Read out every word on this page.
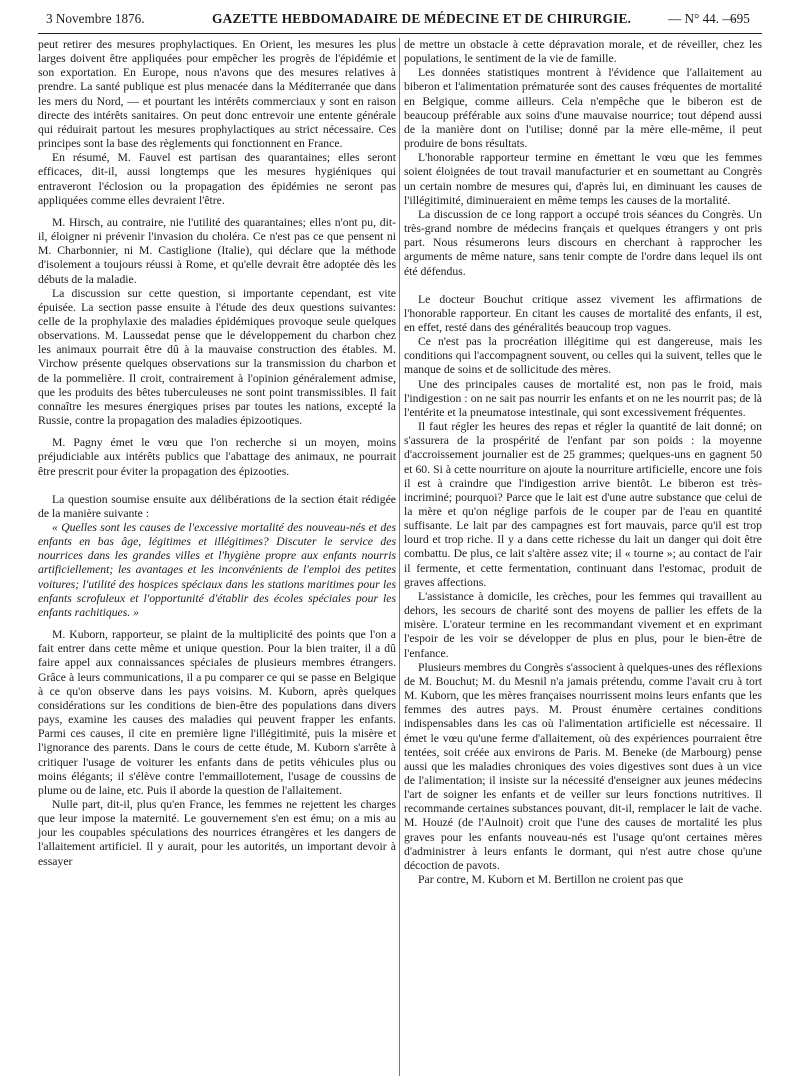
3 Novembre 1876.	GAZETTE HEBDOMADAIRE DE MÉDECINE ET DE CHIRURGIE.	— N° 44. —
695

peut retirer des mesures prophylactiques. En Orient, les mesures les plus larges doivent être appliquées pour empêcher les progrès de l'épidémie et son exportation. En Europe, nous n'avons que des mesures relatives à prendre. La santé publique est plus menacée dans la Méditerranée que dans les mers du Nord, — et pourtant les intérêts commerciaux y sont en raison directe des intérêts sanitaires. On peut donc entrevoir une entente générale qui réduirait partout les mesures prophylactiques au strict nécessaire. Ces principes sont la base des règlements qui fonctionnent en France.

En résumé, M. Fauvel est partisan des quarantaines; elles seront efficaces, dit-il, aussi longtemps que les mesures hygiéniques qui entraveront l'éclosion ou la propagation des épidémies ne seront pas appliquées comme elles devraient l'être.

M. Hirsch, au contraire, nie l'utilité des quarantaines; elles n'ont pu, dit-il, éloigner ni prévenir l'invasion du choléra. Ce n'est pas ce que pensent ni M. Charbonnier, ni M. Castiglione (Italie), qui déclare que la méthode d'isolement a toujours réussi à Rome, et qu'elle devrait être adoptée dès les débuts de la maladie.

La discussion sur cette question, si importante cependant, est vite épuisée. La section passe ensuite à l'étude des deux questions suivantes: celle de la prophylaxie des maladies épidémiques provoque seule quelques observations. M. Laussedat pense que le développement du charbon chez les animaux pourrait être dû à la mauvaise construction des étables. M. Virchow présente quelques observations sur la transmission du charbon et de la pommelière. Il croit, contrairement à l'opinion généralement admise, que les produits des bêtes tuberculeuses ne sont point transmissibles. Il fait connaître les mesures énergiques prises par toutes les nations, excepté la Russie, contre la propagation des maladies épizootiques.

M. Pagny émet le vœu que l'on recherche si un moyen, moins préjudiciable aux intérêts publics que l'abattage des animaux, ne pourrait être prescrit pour éviter la propagation des épizooties.

La question soumise ensuite aux délibérations de la section était rédigée de la manière suivante :

« Quelles sont les causes de l'excessive mortalité des nouveau-nés et des enfants en bas âge, légitimes et illégitimes? Discuter le service des nourrices dans les grandes villes et l'hygiène propre aux enfants nourris artificiellement; les avantages et les inconvénients de l'emploi des petites voitures; l'utilité des hospices spéciaux dans les stations maritimes pour les enfants scrofuleux et l'opportunité d'établir des écoles spéciales pour les enfants rachitiques. »

M. Kuborn, rapporteur, se plaint de la multiplicité des points que l'on a fait entrer dans cette même et unique question. Pour la bien traiter, il a dû faire appel aux connaissances spéciales de plusieurs membres étrangers. Grâce à leurs communications, il a pu comparer ce qui se passe en Belgique à ce qu'on observe dans les pays voisins. M. Kuborn, après quelques considérations sur les conditions de bien-être des populations dans divers pays, examine les causes des maladies qui peuvent frapper les enfants. Parmi ces causes, il cite en première ligne l'illégitimité, puis la misère et l'ignorance des parents. Dans le cours de cette étude, M. Kuborn s'arrête à critiquer l'usage de voiturer les enfants dans de petits véhicules plus ou moins élégants; il s'élève contre l'emmaillotement, l'usage de coussins de plume ou de laine, etc. Puis il aborde la question de l'allaitement.

Nulle part, dit-il, plus qu'en France, les femmes ne rejettent les charges que leur impose la maternité. Le gouvernement s'en est ému; on a mis au jour les coupables spéculations des nourrices étrangères et les dangers de l'allaitement artificiel. Il y aurait, pour les autorités, un important devoir à essayer

de mettre un obstacle à cette dépravation morale, et de réveiller, chez les populations, le sentiment de la vie de famille.

Les données statistiques montrent à l'évidence que l'allaitement au biberon et l'alimentation prématurée sont des causes fréquentes de mortalité en Belgique, comme ailleurs. Cela n'empêche que le biberon est de beaucoup préférable aux soins d'une mauvaise nourrice; tout dépend aussi de la manière dont on l'utilise; donné par la mère elle-même, il peut produire de bons résultats.

L'honorable rapporteur termine en émettant le vœu que les femmes soient éloignées de tout travail manufacturier et en soumettant au Congrès un certain nombre de mesures qui, d'après lui, en diminuant les causes de l'illégitimité, diminueraient en même temps les causes de la mortalité.

La discussion de ce long rapport a occupé trois séances du Congrès. Un très-grand nombre de médecins français et quelques étrangers y ont pris part. Nous résumerons leurs discours en cherchant à rapprocher les arguments de même nature, sans tenir compte de l'ordre dans lequel ils ont été défendus.

Le docteur Bouchut critique assez vivement les affirmations de l'honorable rapporteur. En citant les causes de mortalité des enfants, il est, en effet, resté dans des généralités beaucoup trop vagues.

Ce n'est pas la procréation illégitime qui est dangereuse, mais les conditions qui l'accompagnent souvent, ou celles qui la suivent, telles que le manque de soins et de sollicitude des mères.

Une des principales causes de mortalité est, non pas le froid, mais l'indigestion : on ne sait pas nourrir les enfants et on ne les nourrit pas; de là l'entérite et la pneumatose intestinale, qui sont excessivement fréquentes.

Il faut régler les heures des repas et régler la quantité de lait donné; on s'assurera de la prospérité de l'enfant par son poids : la moyenne d'accroissement journalier est de 25 grammes; quelques-uns en gagnent 50 et 60. Si à cette nourriture on ajoute la nourriture artificielle, encore une fois il est à craindre que l'indigestion arrive bientôt. Le biberon est très-incriminé; pourquoi? Parce que le lait est d'une autre substance que celui de la mère et qu'on néglige parfois de le couper par de l'eau en quantité suffisante. Le lait par des campagnes est fort mauvais, parce qu'il est trop lourd et trop riche. Il y a dans cette richesse du lait un danger qui doit être combattu. De plus, ce lait s'altère assez vite; il « tourne »; au contact de l'air il fermente, et cette fermentation, continuant dans l'estomac, produit de graves affections.

L'assistance à domicile, les crèches, pour les femmes qui travaillent au dehors, les secours de charité sont des moyens de pallier les effets de la misère. L'orateur termine en les recommandant vivement et en exprimant l'espoir de les voir se développer de plus en plus, pour le bien-être de l'enfance.

Plusieurs membres du Congrès s'associent à quelques-unes des réflexions de M. Bouchut; M. du Mesnil n'a jamais prétendu, comme l'avait cru à tort M. Kuborn, que les mères françaises nourrissent moins leurs enfants que les femmes des autres pays. M. Proust énumère certaines conditions indispensables dans les cas où l'alimentation artificielle est nécessaire. Il émet le vœu qu'une ferme d'allaitement, où des expériences pourraient être tentées, soit créée aux environs de Paris. M. Beneke (de Marbourg) pense aussi que les maladies chroniques des voies digestives sont dues à un vice de l'alimentation; il insiste sur la nécessité d'enseigner aux jeunes médecins l'art de soigner les enfants et de veiller sur leurs fonctions nutritives. Il recommande certaines substances pouvant, dit-il, remplacer le lait de vache. M. Houzé (de l'Aulnoit) croit que l'une des causes de mortalité les plus graves pour les enfants nouveau-nés est l'usage qu'ont certaines mères d'administrer à leurs enfants le dormant, qui n'est autre chose qu'une décoction de pavots.

Par contre, M. Kuborn et M. Bertillon ne croient pas que
